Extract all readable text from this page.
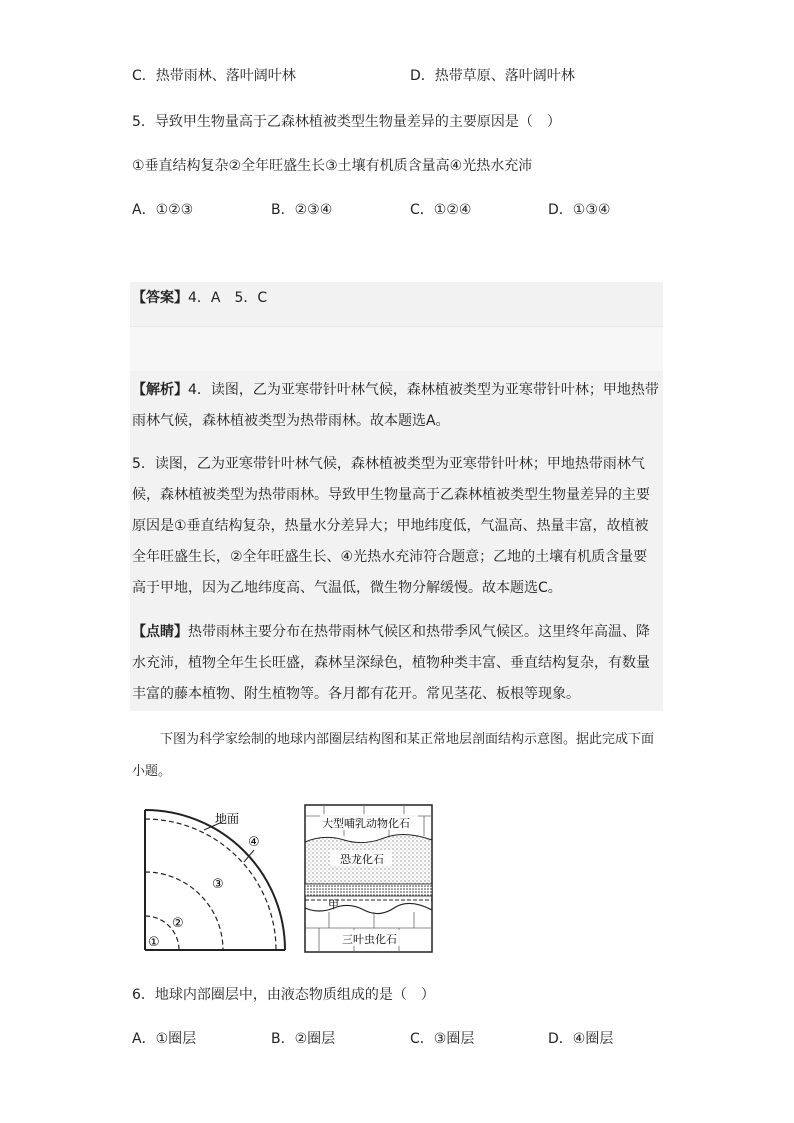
C．热带雨林、落叶阔叶林	D．热带草原、落叶阔叶林
5．导致甲生物量高于乙森林植被类型生物量差异的主要原因是（　）
①垂直结构复杂②全年旺盛生长③土壤有机质含量高④光热水充沛
A．①②③	B．②③④	C．①②④	D．①③④
【答案】4．A　5．C

【解析】4．读图，乙为亚寒带针叶林气候，森林植被类型为亚寒带针叶林；甲地热带雨林气候，森林植被类型为热带雨林。故本题选A。

5．读图，乙为亚寒带针叶林气候，森林植被类型为亚寒带针叶林；甲地热带雨林气候，森林植被类型为热带雨林。导致甲生物量高于乙森林植被类型生物量差异的主要原因是①垂直结构复杂，热量水分差异大；甲地纬度低，气温高、热量丰富，故植被全年旺盛生长，②全年旺盛生长、④光热水充沛符合题意；乙地的土壤有机质含量要高于甲地，因为乙地纬度高、气温低，微生物分解缓慢。故本题选C。

【点睛】热带雨林主要分布在热带雨林气候区和热带季风气候区。这里终年高温、降水充沛，植物全年生长旺盛，森林呈深绿色，植物种类丰富、垂直结构复杂，有数量丰富的藤本植物、附生植物等。各月都有花开。常见茎花、板根等现象。

下图为科学家绘制的地球内部圈层结构图和某正常地层剖面结构示意图。据此完成下面小题。
地面
④
③
②
①
大型哺乳动物化石
恐龙化石
甲
三叶虫化石
6．地球内部圈层中，由液态物质组成的是（　）
A．①圈层	B．②圈层	C．③圈层	D．④圈层
